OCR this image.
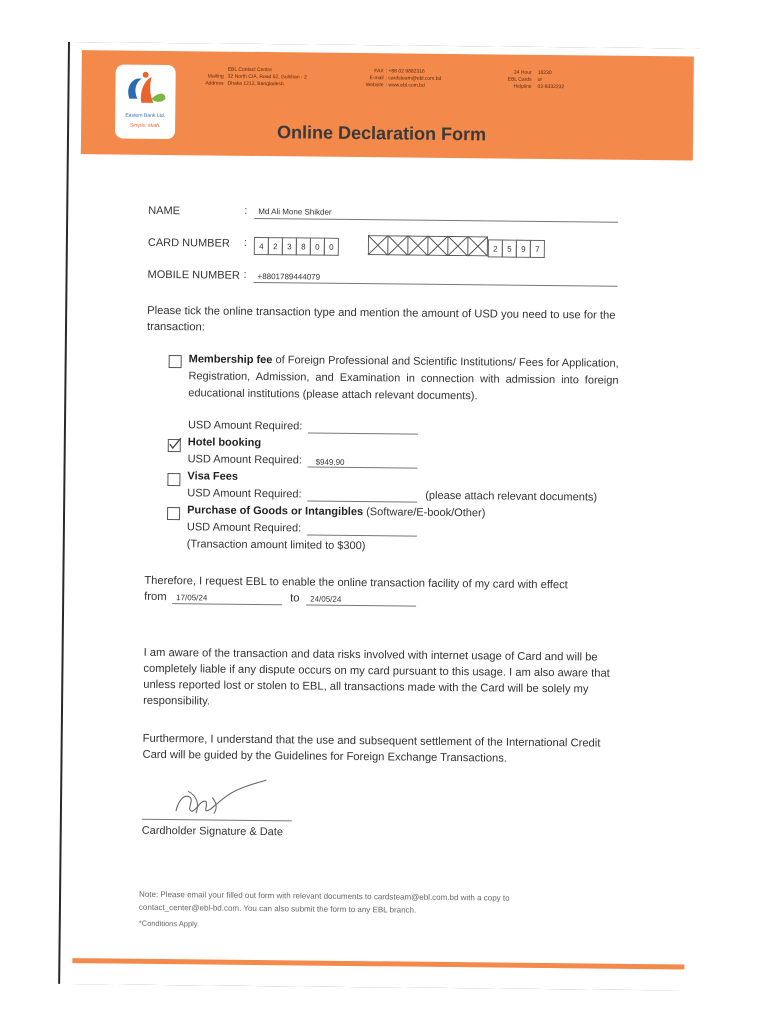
Eastern Bank Ltd.
Simple. Math.
Mailing
Address
EBL Contact Centre
32 North C/A, Road 52, Gulshan - 2
Dhaka 1212, Bangladesh
FAX : +88 02 9882316
E-mail : cardsteam@ebl.com.bd
Website : www.ebl.com.bd
24 Hour 16230
EBL Cards or
Helpline 02-8332232
Online Declaration Form
NAME	: Md Ali Mone Shikder
CARD NUMBER :	4	2	3	8	0	0	2	5	9	7
MOBILE NUMBER : +8801789444079
Please tick the online transaction type and mention the amount of USD you need to use for the transaction:
Membership fee of Foreign Professional and Scientific Institutions/ Fees for Application, Registration, Admission, and Examination in connection with admission into foreign educational institutions (please attach relevant documents).
USD Amount Required:
Hotel booking
USD Amount Required: $949.90
Visa Fees
USD Amount Required:	(please attach relevant documents)
Purchase of Goods or Intangibles (Software/E-book/Other)
USD Amount Required:
(Transaction amount limited to $300)
Therefore, I request EBL to enable the online transaction facility of my card with effect
from 17/05/24	to 24/05/24
I am aware of the transaction and data risks involved with internet usage of Card and will be completely liable if any dispute occurs on my card pursuant to this usage. I am also aware that unless reported lost or stolen to EBL, all transactions made with the Card will be solely my responsibility.
Furthermore, I understand that the use and subsequent settlement of the International Credit Card will be guided by the Guidelines for Foreign Exchange Transactions.
Cardholder Signature & Date
Note: Please email your filled out form with relevant documents to cardsteam@ebl.com.bd with a copy to
contact_center@ebl-bd.com. You can also submit the form to any EBL branch.
*Conditions Apply.
